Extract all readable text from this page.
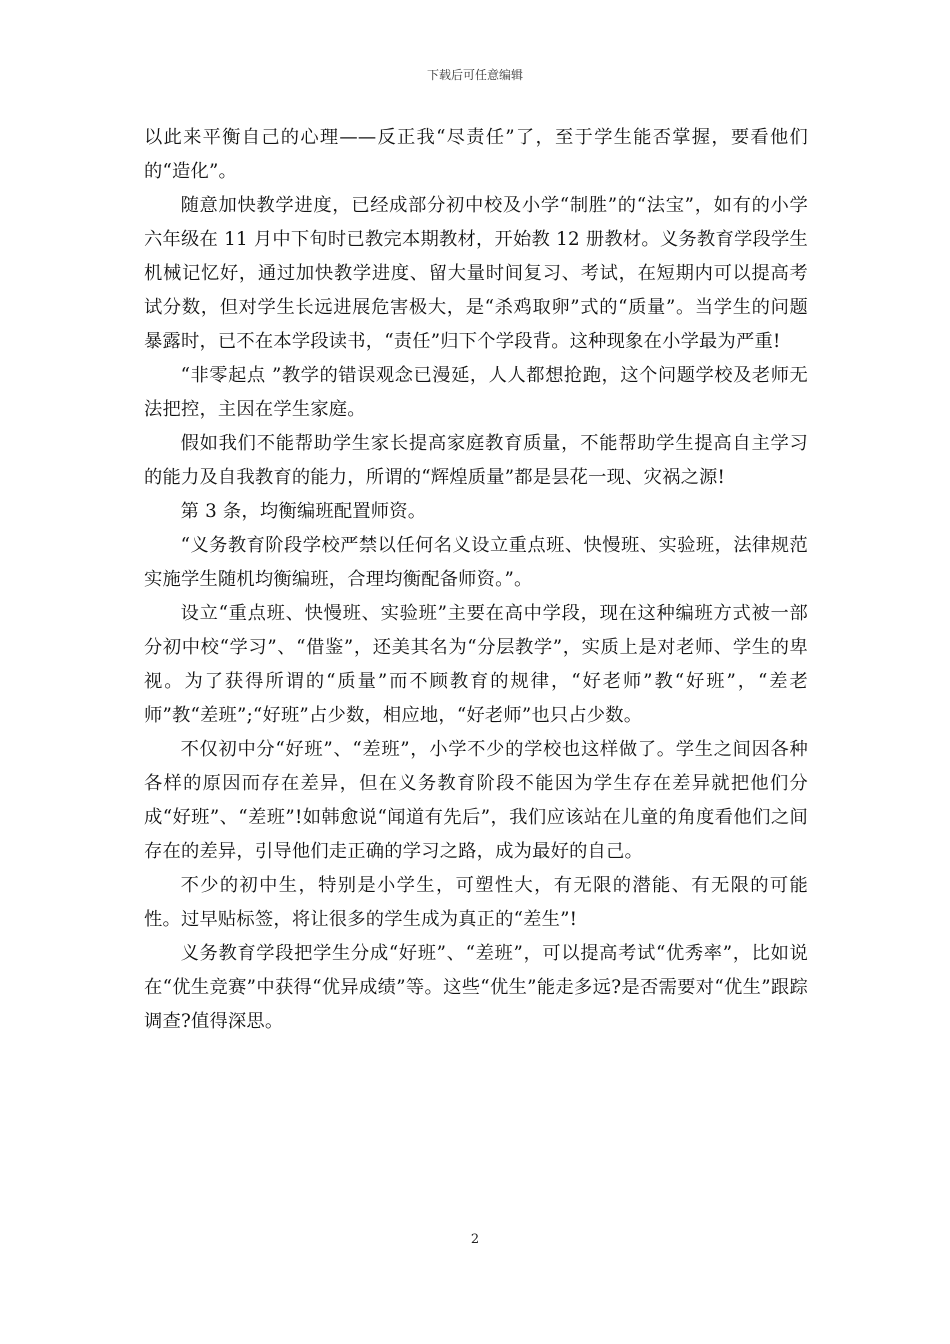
下载后可任意编辑

以此来平衡自己的心理——反正我“尽责任”了，至于学生能否掌握，要看他们的“造化”。

随意加快教学进度，已经成部分初中校及小学“制胜”的“法宝”，如有的小学六年级在 11 月中下旬时已教完本期教材，开始教 12 册教材。义务教育学段学生机械记忆好，通过加快教学进度、留大量时间复习、考试，在短期内可以提高考试分数，但对学生长远进展危害极大，是“杀鸡取卵”式的“质量”。当学生的问题暴露时，已不在本学段读书，“责任”归下个学段背。这种现象在小学最为严重!

“非零起点 ”教学的错误观念已漫延，人人都想抢跑，这个问题学校及老师无法把控，主因在学生家庭。

假如我们不能帮助学生家长提高家庭教育质量，不能帮助学生提高自主学习的能力及自我教育的能力，所谓的“辉煌质量”都是昙花一现、灾祸之源!

第 3 条，均衡编班配置师资。

“义务教育阶段学校严禁以任何名义设立重点班、快慢班、实验班，法律规范实施学生随机均衡编班，合理均衡配备师资。”。

设立“重点班、快慢班、实验班”主要在高中学段，现在这种编班方式被一部分初中校“学习”、“借鉴”，还美其名为“分层教学”，实质上是对老师、学生的卑视。为了获得所谓的“质量”而不顾教育的规律，“好老师”教“好班”，“差老师”教“差班”;“好班”占少数，相应地，“好老师”也只占少数。

不仅初中分“好班”、“差班”，小学不少的学校也这样做了。学生之间因各种各样的原因而存在差异，但在义务教育阶段不能因为学生存在差异就把他们分成“好班”、“差班”!如韩愈说“闻道有先后”，我们应该站在儿童的角度看他们之间存在的差异，引导他们走正确的学习之路，成为最好的自己。

不少的初中生，特别是小学生，可塑性大，有无限的潜能、有无限的可能性。过早贴标签，将让很多的学生成为真正的“差生”!

义务教育学段把学生分成“好班”、“差班”，可以提高考试“优秀率”，比如说在“优生竞赛”中获得“优异成绩”等。这些“优生”能走多远?是否需要对“优生”跟踪调查?值得深思。

2
